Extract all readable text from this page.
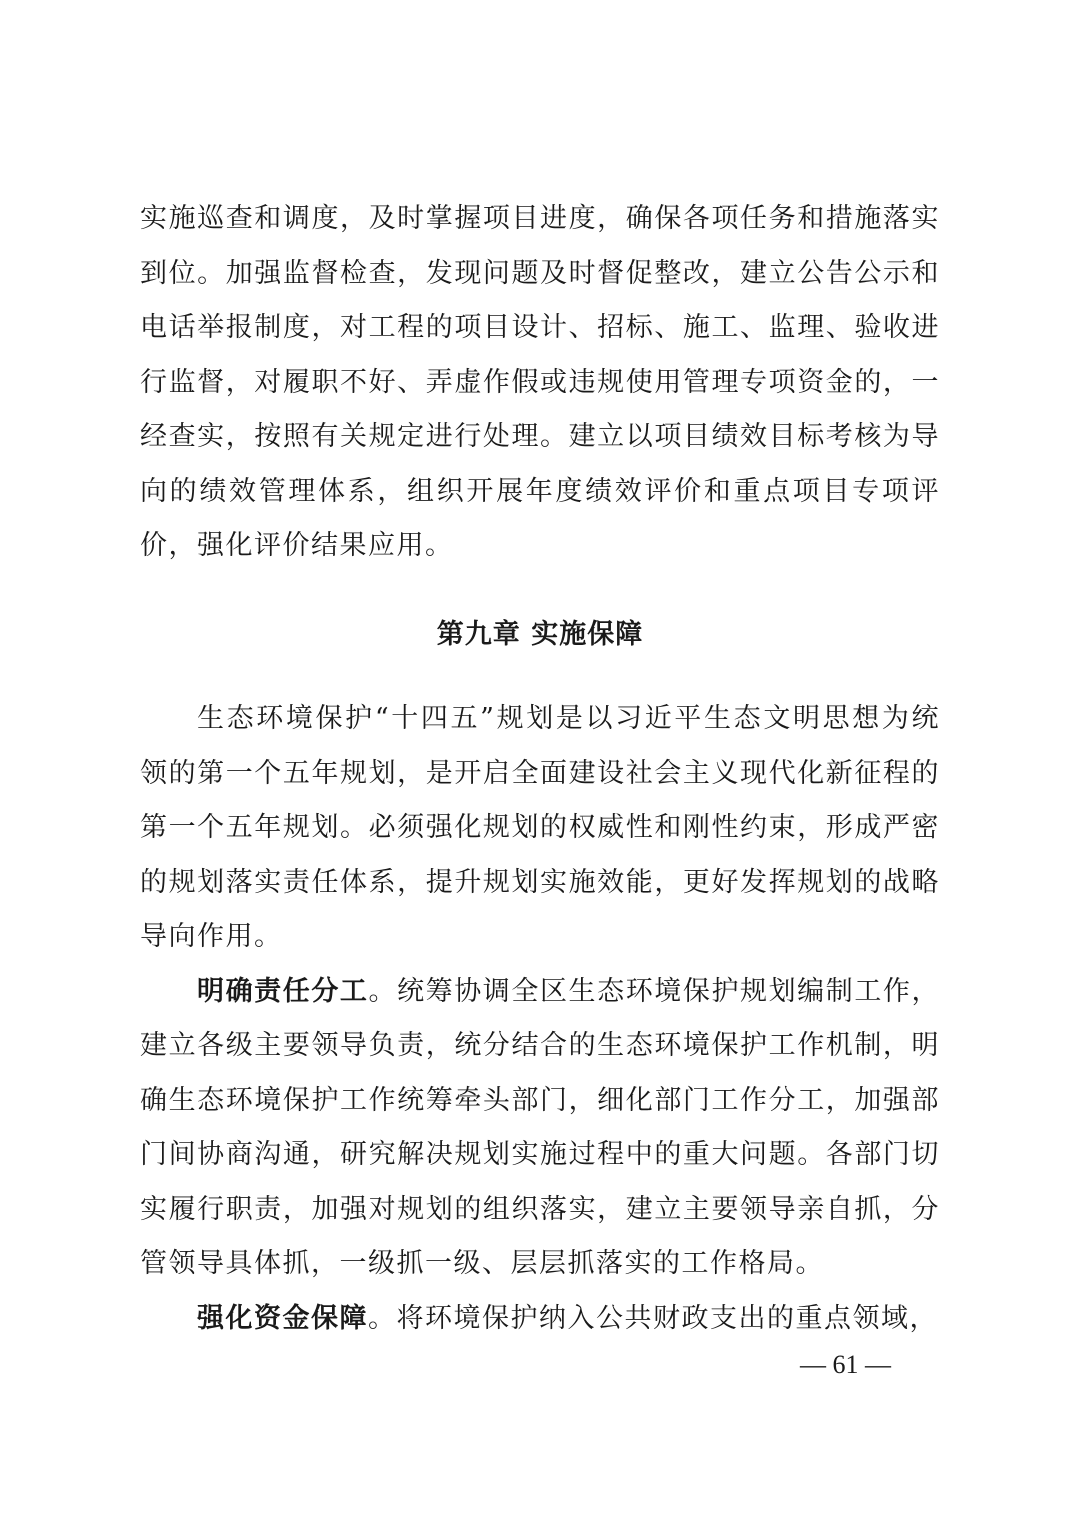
实施巡查和调度，及时掌握项目进度，确保各项任务和措施落实到位。加强监督检查，发现问题及时督促整改，建立公告公示和电话举报制度，对工程的项目设计、招标、施工、监理、验收进行监督，对履职不好、弄虚作假或违规使用管理专项资金的，一经查实，按照有关规定进行处理。建立以项目绩效目标考核为导向的绩效管理体系，组织开展年度绩效评价和重点项目专项评价，强化评价结果应用。

第九章 实施保障

生态环境保护“十四五”规划是以习近平生态文明思想为统领的第一个五年规划，是开启全面建设社会主义现代化新征程的第一个五年规划。必须强化规划的权威性和刚性约束，形成严密的规划落实责任体系，提升规划实施效能，更好发挥规划的战略导向作用。

明确责任分工。统筹协调全区生态环境保护规划编制工作，建立各级主要领导负责，统分结合的生态环境保护工作机制，明确生态环境保护工作统筹牵头部门，细化部门工作分工，加强部门间协商沟通，研究解决规划实施过程中的重大问题。各部门切实履行职责，加强对规划的组织落实，建立主要领导亲自抓，分管领导具体抓，一级抓一级、层层抓落实的工作格局。

强化资金保障。将环境保护纳入公共财政支出的重点领域，

— 61 —
